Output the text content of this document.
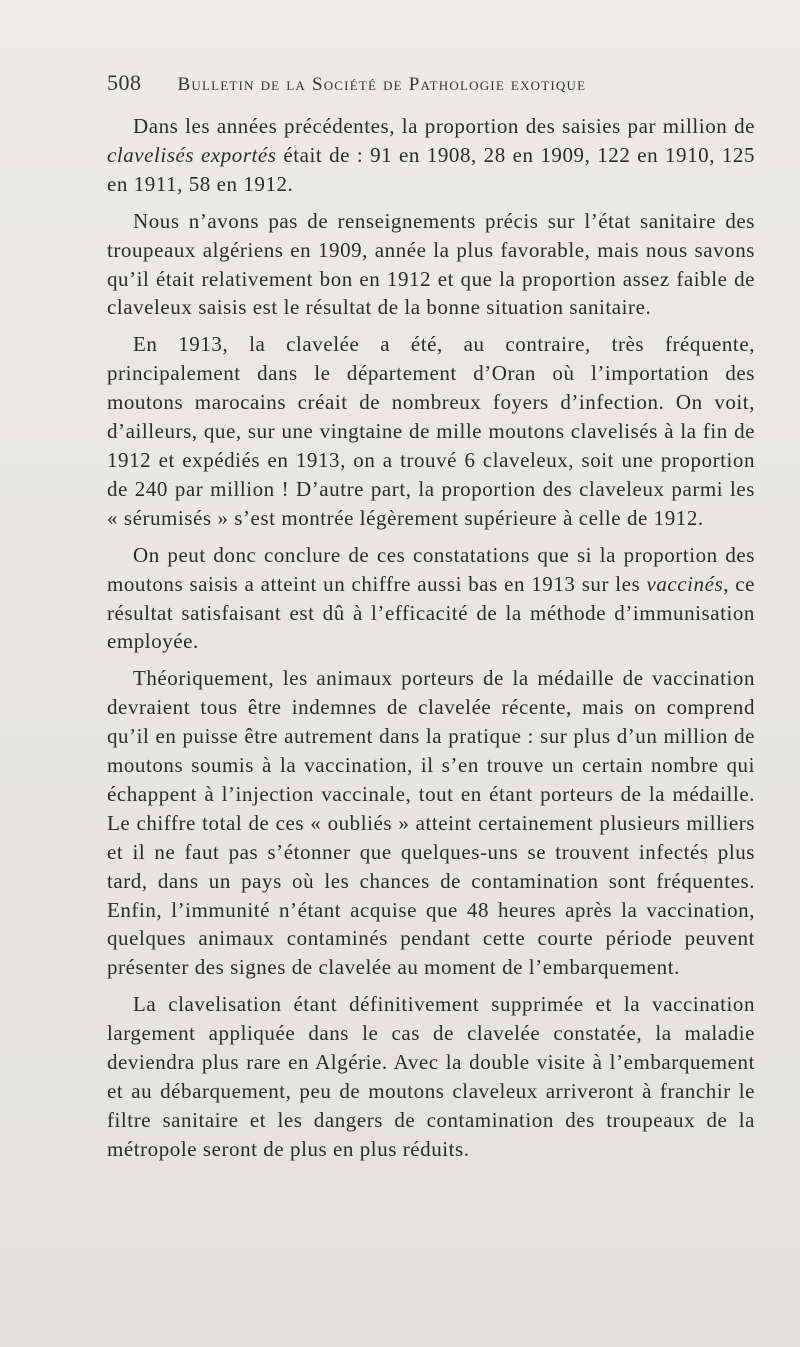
508 Bulletin de la Société de Pathologie exotique

Dans les années précédentes, la proportion des saisies par million de clavelisés exportés était de : 91 en 1908, 28 en 1909, 122 en 1910, 125 en 1911, 58 en 1912.

Nous n’avons pas de renseignements précis sur l’état sanitaire des troupeaux algériens en 1909, année la plus favorable, mais nous savons qu’il était relativement bon en 1912 et que la proportion assez faible de claveleux saisis est le résultat de la bonne situation sanitaire.

En 1913, la clavelée a été, au contraire, très fréquente, principalement dans le département d’Oran où l’importation des moutons marocains créait de nombreux foyers d’infection. On voit, d’ailleurs, que, sur une vingtaine de mille moutons clavelisés à la fin de 1912 et expédiés en 1913, on a trouvé 6 claveleux, soit une proportion de 240 par million ! D’autre part, la proportion des claveleux parmi les « sérumisés » s’est montrée légèrement supérieure à celle de 1912.

On peut donc conclure de ces constatations que si la proportion des moutons saisis a atteint un chiffre aussi bas en 1913 sur les vaccinés, ce résultat satisfaisant est dû à l’efficacité de la méthode d’immunisation employée.

Théoriquement, les animaux porteurs de la médaille de vaccination devraient tous être indemnes de clavelée récente, mais on comprend qu’il en puisse être autrement dans la pratique : sur plus d’un million de moutons soumis à la vaccination, il s’en trouve un certain nombre qui échappent à l’injection vaccinale, tout en étant porteurs de la médaille. Le chiffre total de ces « oubliés » atteint certainement plusieurs milliers et il ne faut pas s’étonner que quelques-uns se trouvent infectés plus tard, dans un pays où les chances de contamination sont fréquentes. Enfin, l’immunité n’étant acquise que 48 heures après la vaccination, quelques animaux contaminés pendant cette courte période peuvent présenter des signes de clavelée au moment de l’embarquement.

La clavelisation étant définitivement supprimée et la vaccination largement appliquée dans le cas de clavelée constatée, la maladie deviendra plus rare en Algérie. Avec la double visite à l’embarquement et au débarquement, peu de moutons claveleux arriveront à franchir le filtre sanitaire et les dangers de contamination des troupeaux de la métropole seront de plus en plus réduits.
